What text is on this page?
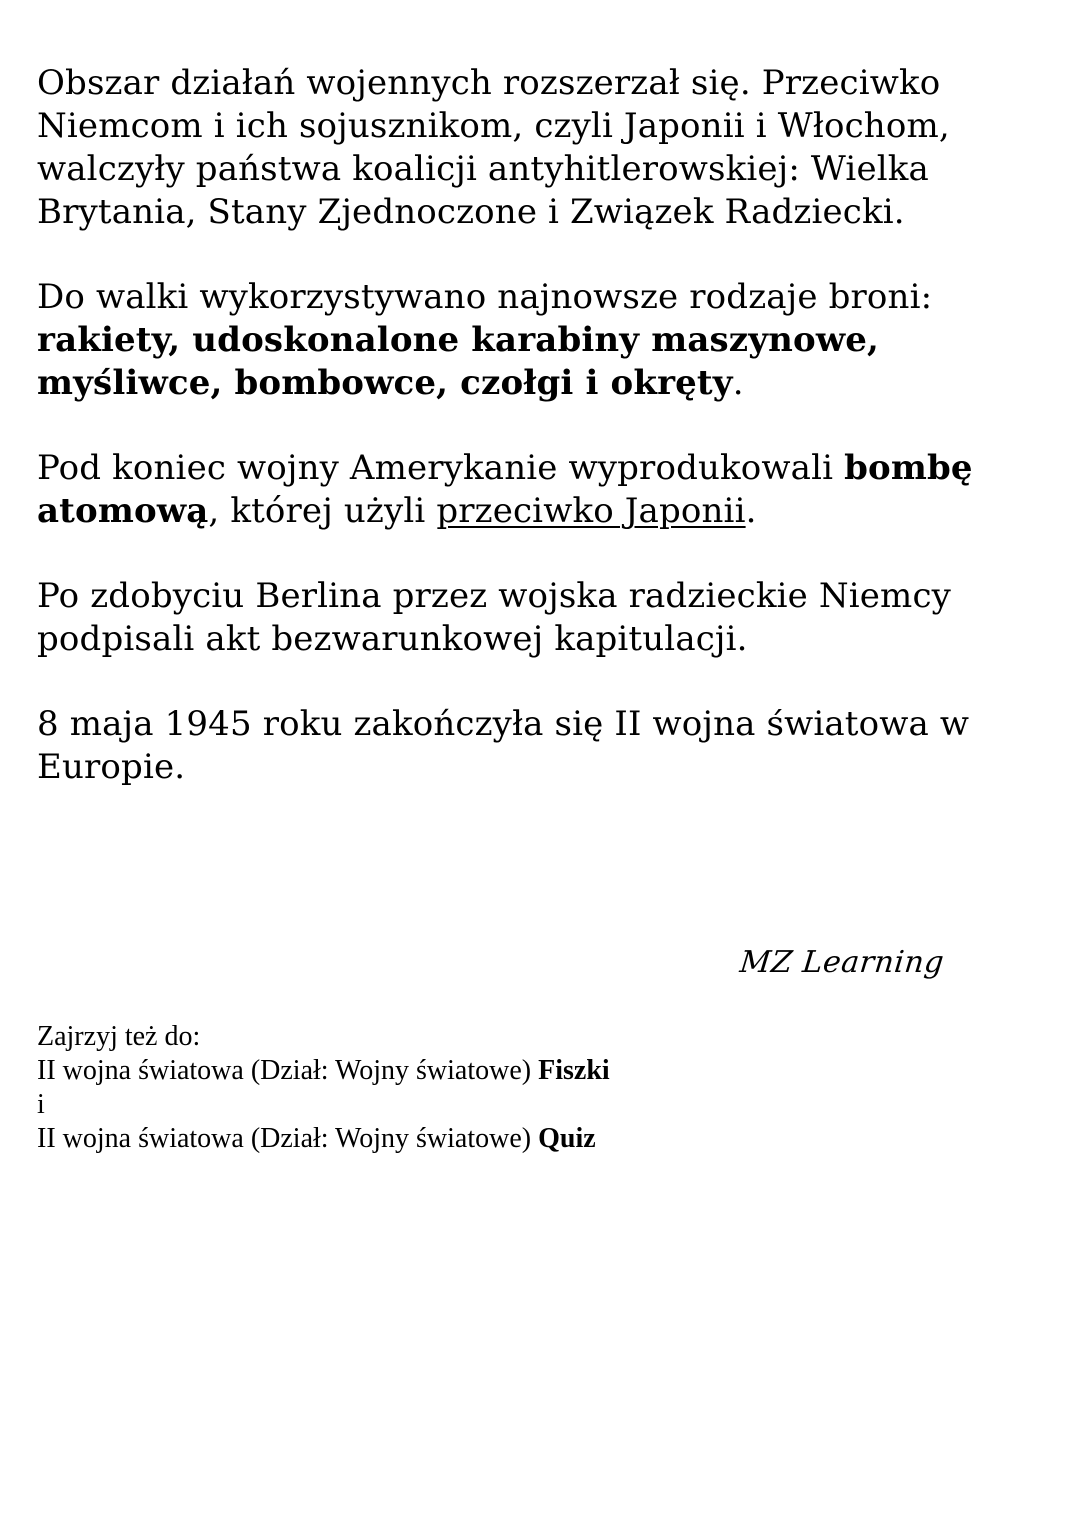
Obszar działań wojennych rozszerzał się. Przeciwko Niemcom i ich sojusznikom, czyli Japonii i Włochom, walczyły państwa koalicji antyhitlerowskiej: Wielka Brytania, Stany Zjednoczone i Związek Radziecki.

Do walki wykorzystywano najnowsze rodzaje broni: rakiety, udoskonalone karabiny maszynowe, myśliwce, bombowce, czołgi i okręty.

Pod koniec wojny Amerykanie wyprodukowali bombę atomową, której użyli przeciwko Japonii.

Po zdobyciu Berlina przez wojska radzieckie Niemcy podpisali akt bezwarunkowej kapitulacji.

8 maja 1945 roku zakończyła się II wojna światowa w Europie.

MZ Learning
Zajrzyj też do:
II wojna światowa (Dział: Wojny światowe) Fiszki
i
II wojna światowa (Dział: Wojny światowe) Quiz
